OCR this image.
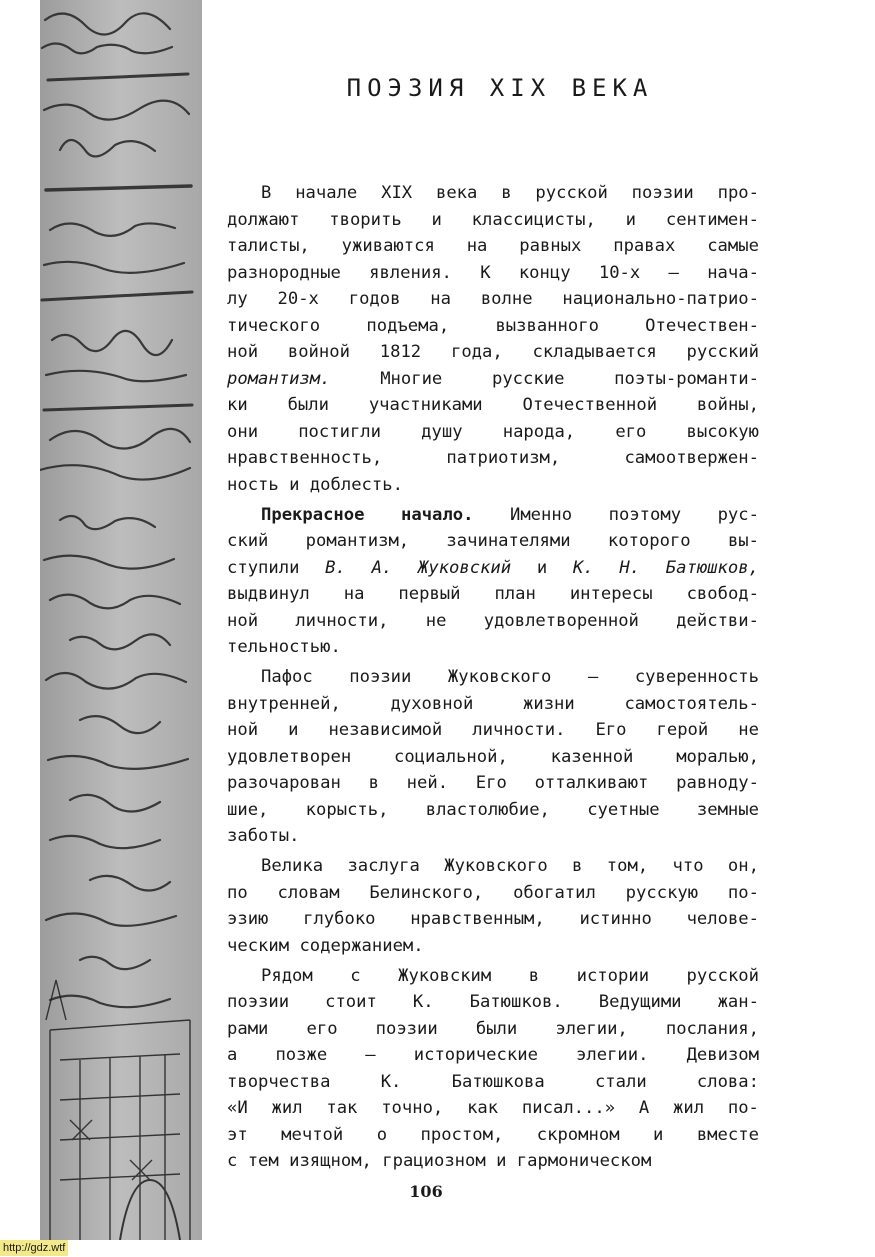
ПОЭЗИЯ XIX ВЕКА
В начале XIX века в русской поэзии про-
должают творить и классицисты, и сентимен-
талисты, уживаются на равных правах самые
разнородные явления. К концу 10-х — нача-
лу 20-х годов на волне национально-патрио-
тического	подъема,	вызванного	Отечествен-
ной войной 1812 года, складывается русский
романтизм.	Многие	русские	поэты-романти-
ки были участниками Отечественной войны,
они постигли душу народа, его высокую
нравственность,	патриотизм,	самоотвержен-
ность и доблесть.
Прекрасное начало. Именно поэтому рус-
ский романтизм, зачинателями которого вы-
ступили В. А. Жуковский и К. Н. Батюшков,
выдвинул на первый план интересы свобод-
ной личности, не удовлетворенной действи-
тельностью.
Пафос поэзии Жуковского — суверенность
внутренней,	духовной	жизни	самостоятель-
ной и независимой личности. Его герой не
удовлетворен социальной, казенной моралью,
разочарован в ней. Его отталкивают равноду-
шие, корысть, властолюбие, суетные земные
заботы.
Велика заслуга Жуковского в том, что он,
по словам Белинского, обогатил русскую по-
эзию глубоко нравственным, истинно челове-
ческим содержанием.
Рядом с Жуковским в истории русской
поэзии стоит К. Батюшков. Ведущими жан-
рами его поэзии были элегии, послания,
а позже — исторические элегии. Девизом
творчества	К.	Батюшкова	стали	слова:
«И жил так точно, как писал...» А жил по-
эт мечтой о простом, скромном и вместе
с тем изящном, грациозном и гармоническом
106
http://gdz.wtf
